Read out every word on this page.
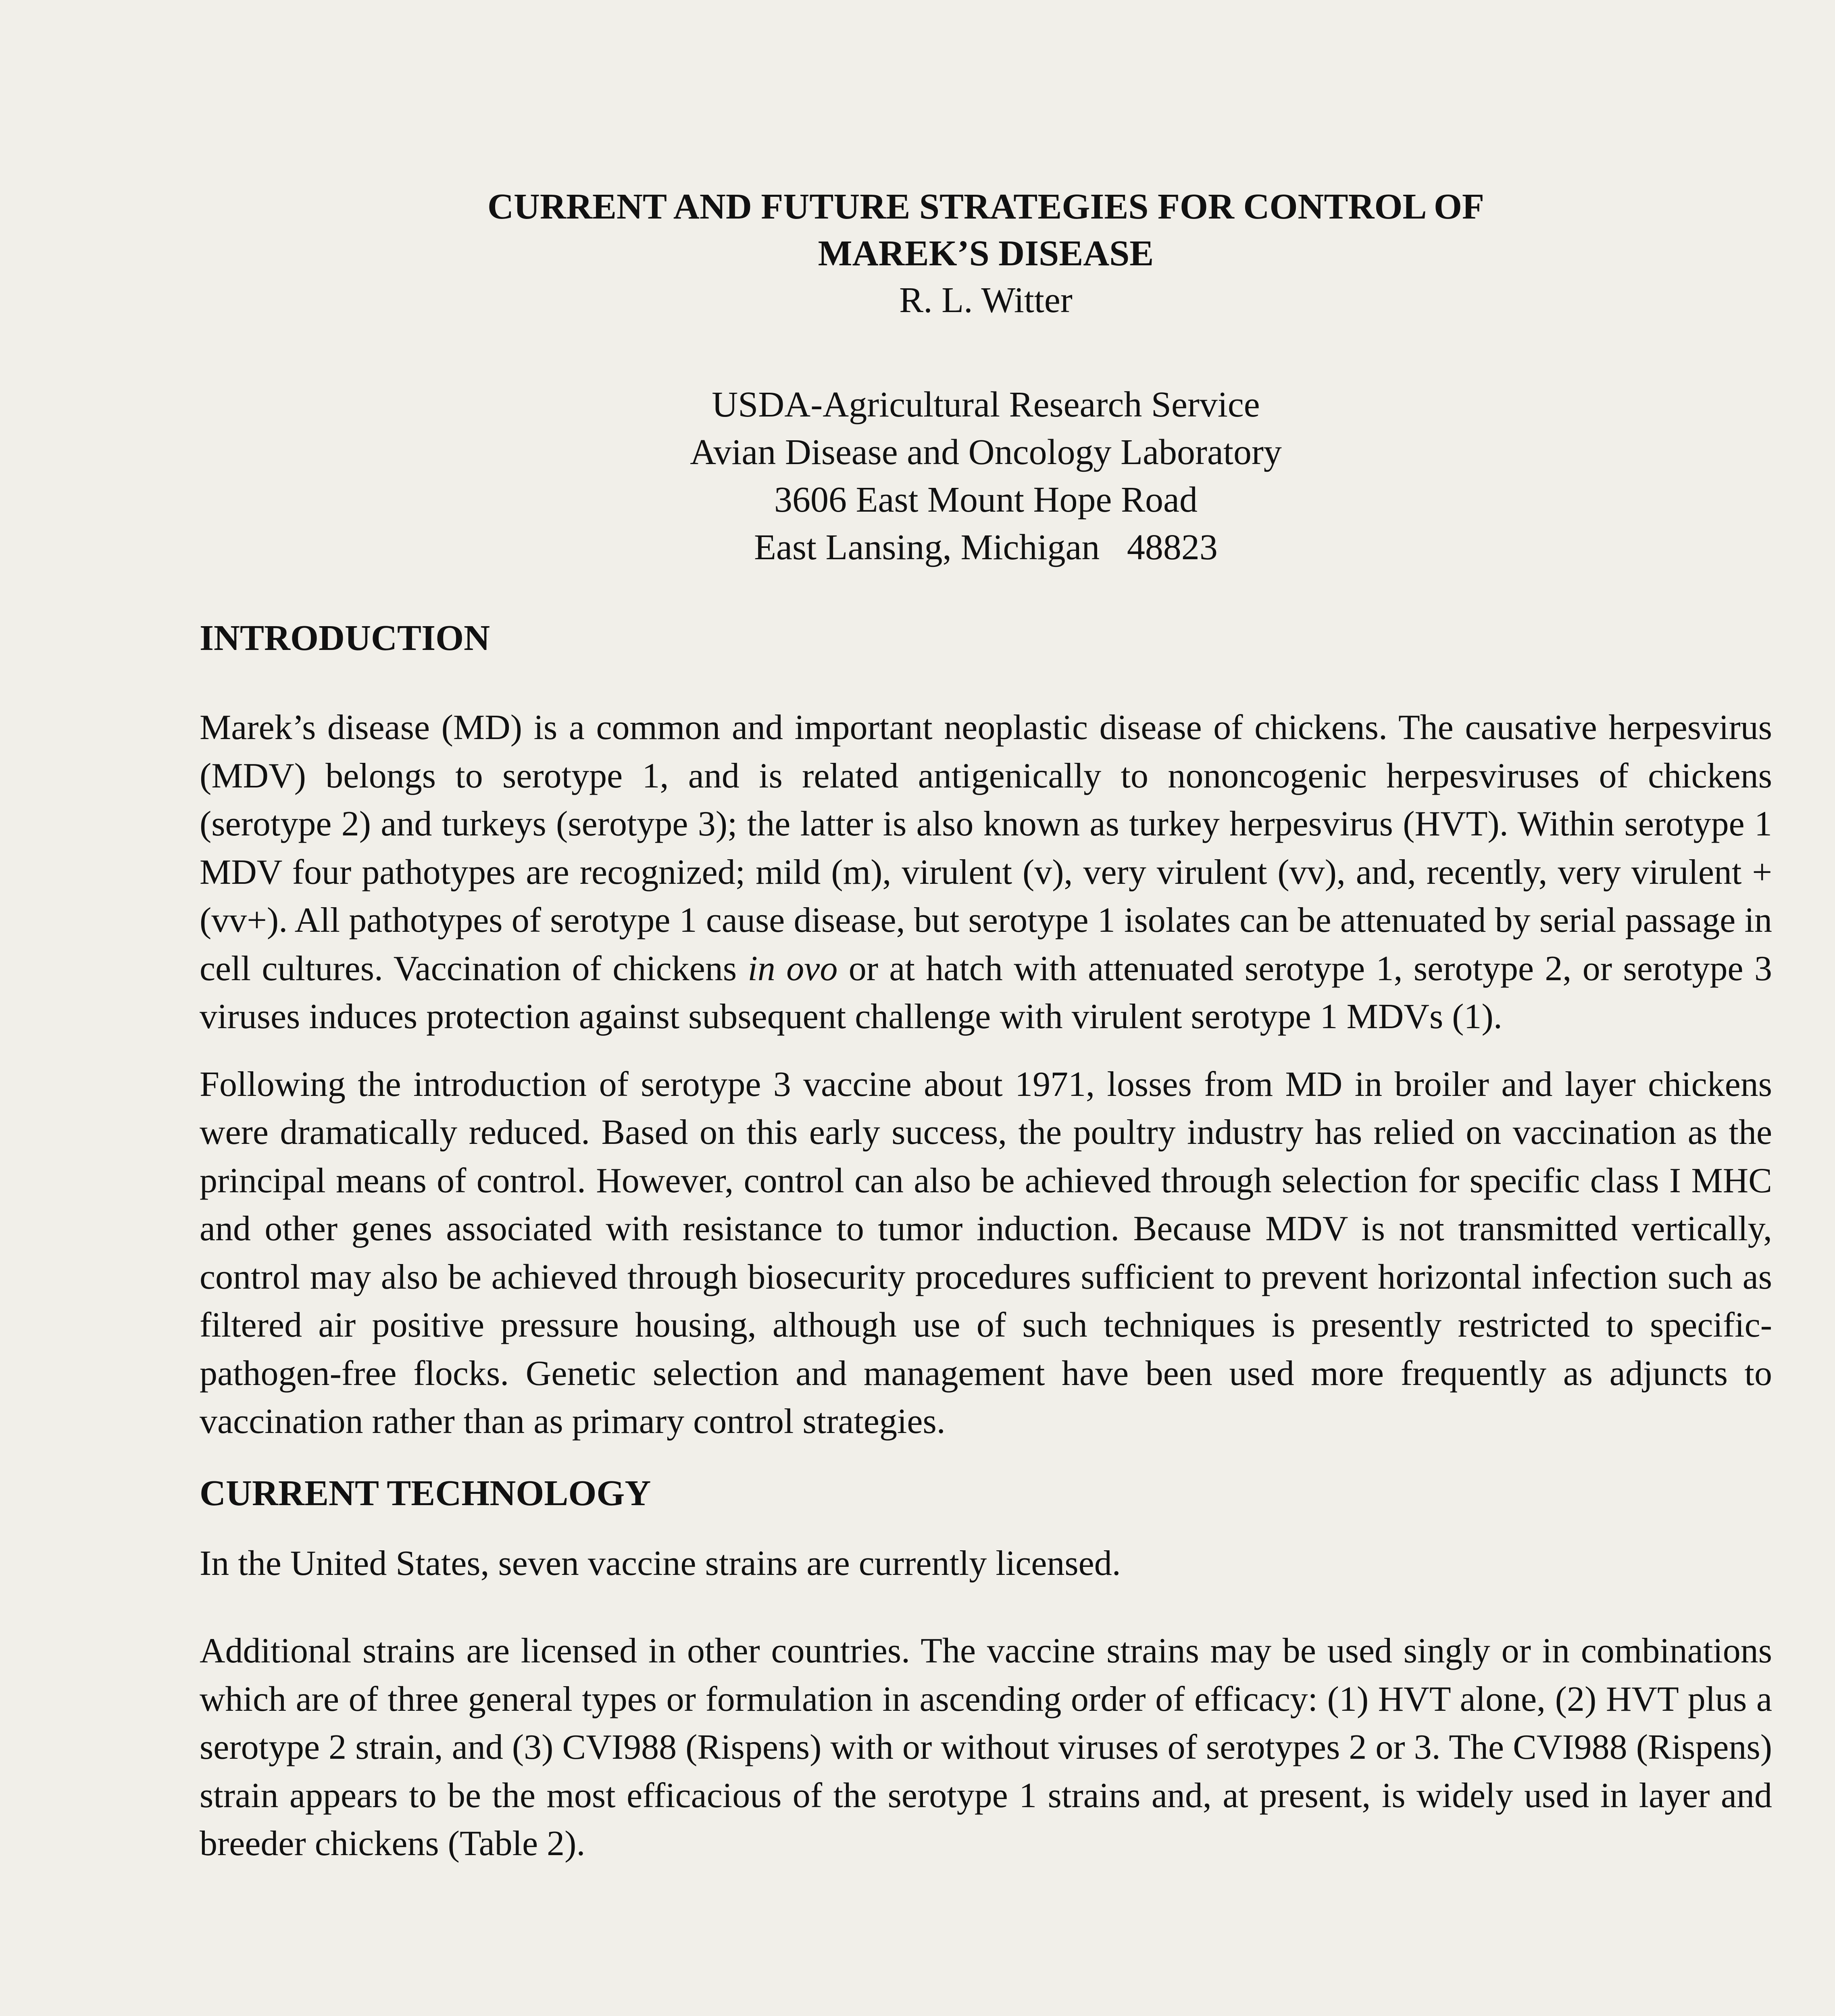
CURRENT AND FUTURE STRATEGIES FOR CONTROL OF
MAREK’S DISEASE

R. L. Witter

USDA-Agricultural Research Service
Avian Disease and Oncology Laboratory
3606 East Mount Hope Road
East Lansing, Michigan   48823
INTRODUCTION

Marek’s disease (MD) is a common and important neoplastic disease of chickens. The causative herpesvirus (MDV) belongs to serotype 1, and is related antigenically to nononcogenic herpesviruses of chickens (serotype 2) and turkeys (serotype 3); the latter is also known as turkey herpesvirus (HVT). Within serotype 1 MDV four pathotypes are recognized; mild (m), virulent (v), very virulent (vv), and, recently, very virulent + (vv+). All pathotypes of serotype 1 cause disease, but serotype 1 isolates can be attenuated by serial passage in cell cultures. Vaccination of chickens in ovo or at hatch with attenuated serotype 1, serotype 2, or serotype 3 viruses induces protection against subsequent challenge with virulent serotype 1 MDVs (1).

Following the introduction of serotype 3 vaccine about 1971, losses from MD in broiler and layer chickens were dramatically reduced. Based on this early success, the poultry industry has relied on vaccination as the principal means of control. However, control can also be achieved through selection for specific class I MHC and other genes associated with resistance to tumor induction. Because MDV is not transmitted vertically, control may also be achieved through biosecurity procedures sufficient to prevent horizontal infection such as filtered air positive pressure housing, although use of such techniques is presently restricted to specific-pathogen-free flocks. Genetic selection and management have been used more frequently as adjuncts to vaccination rather than as primary control strategies.

CURRENT TECHNOLOGY

In the United States, seven vaccine strains are currently licensed.

Additional strains are licensed in other countries. The vaccine strains may be used singly or in combinations which are of three general types or formulation in ascending order of efficacy: (1) HVT alone, (2) HVT plus a serotype 2 strain, and (3) CVI988 (Rispens) with or without viruses of serotypes 2 or 3. The CVI988 (Rispens) strain appears to be the most efficacious of the serotype 1 strains and, at present, is widely used in layer and breeder chickens (Table 2).
